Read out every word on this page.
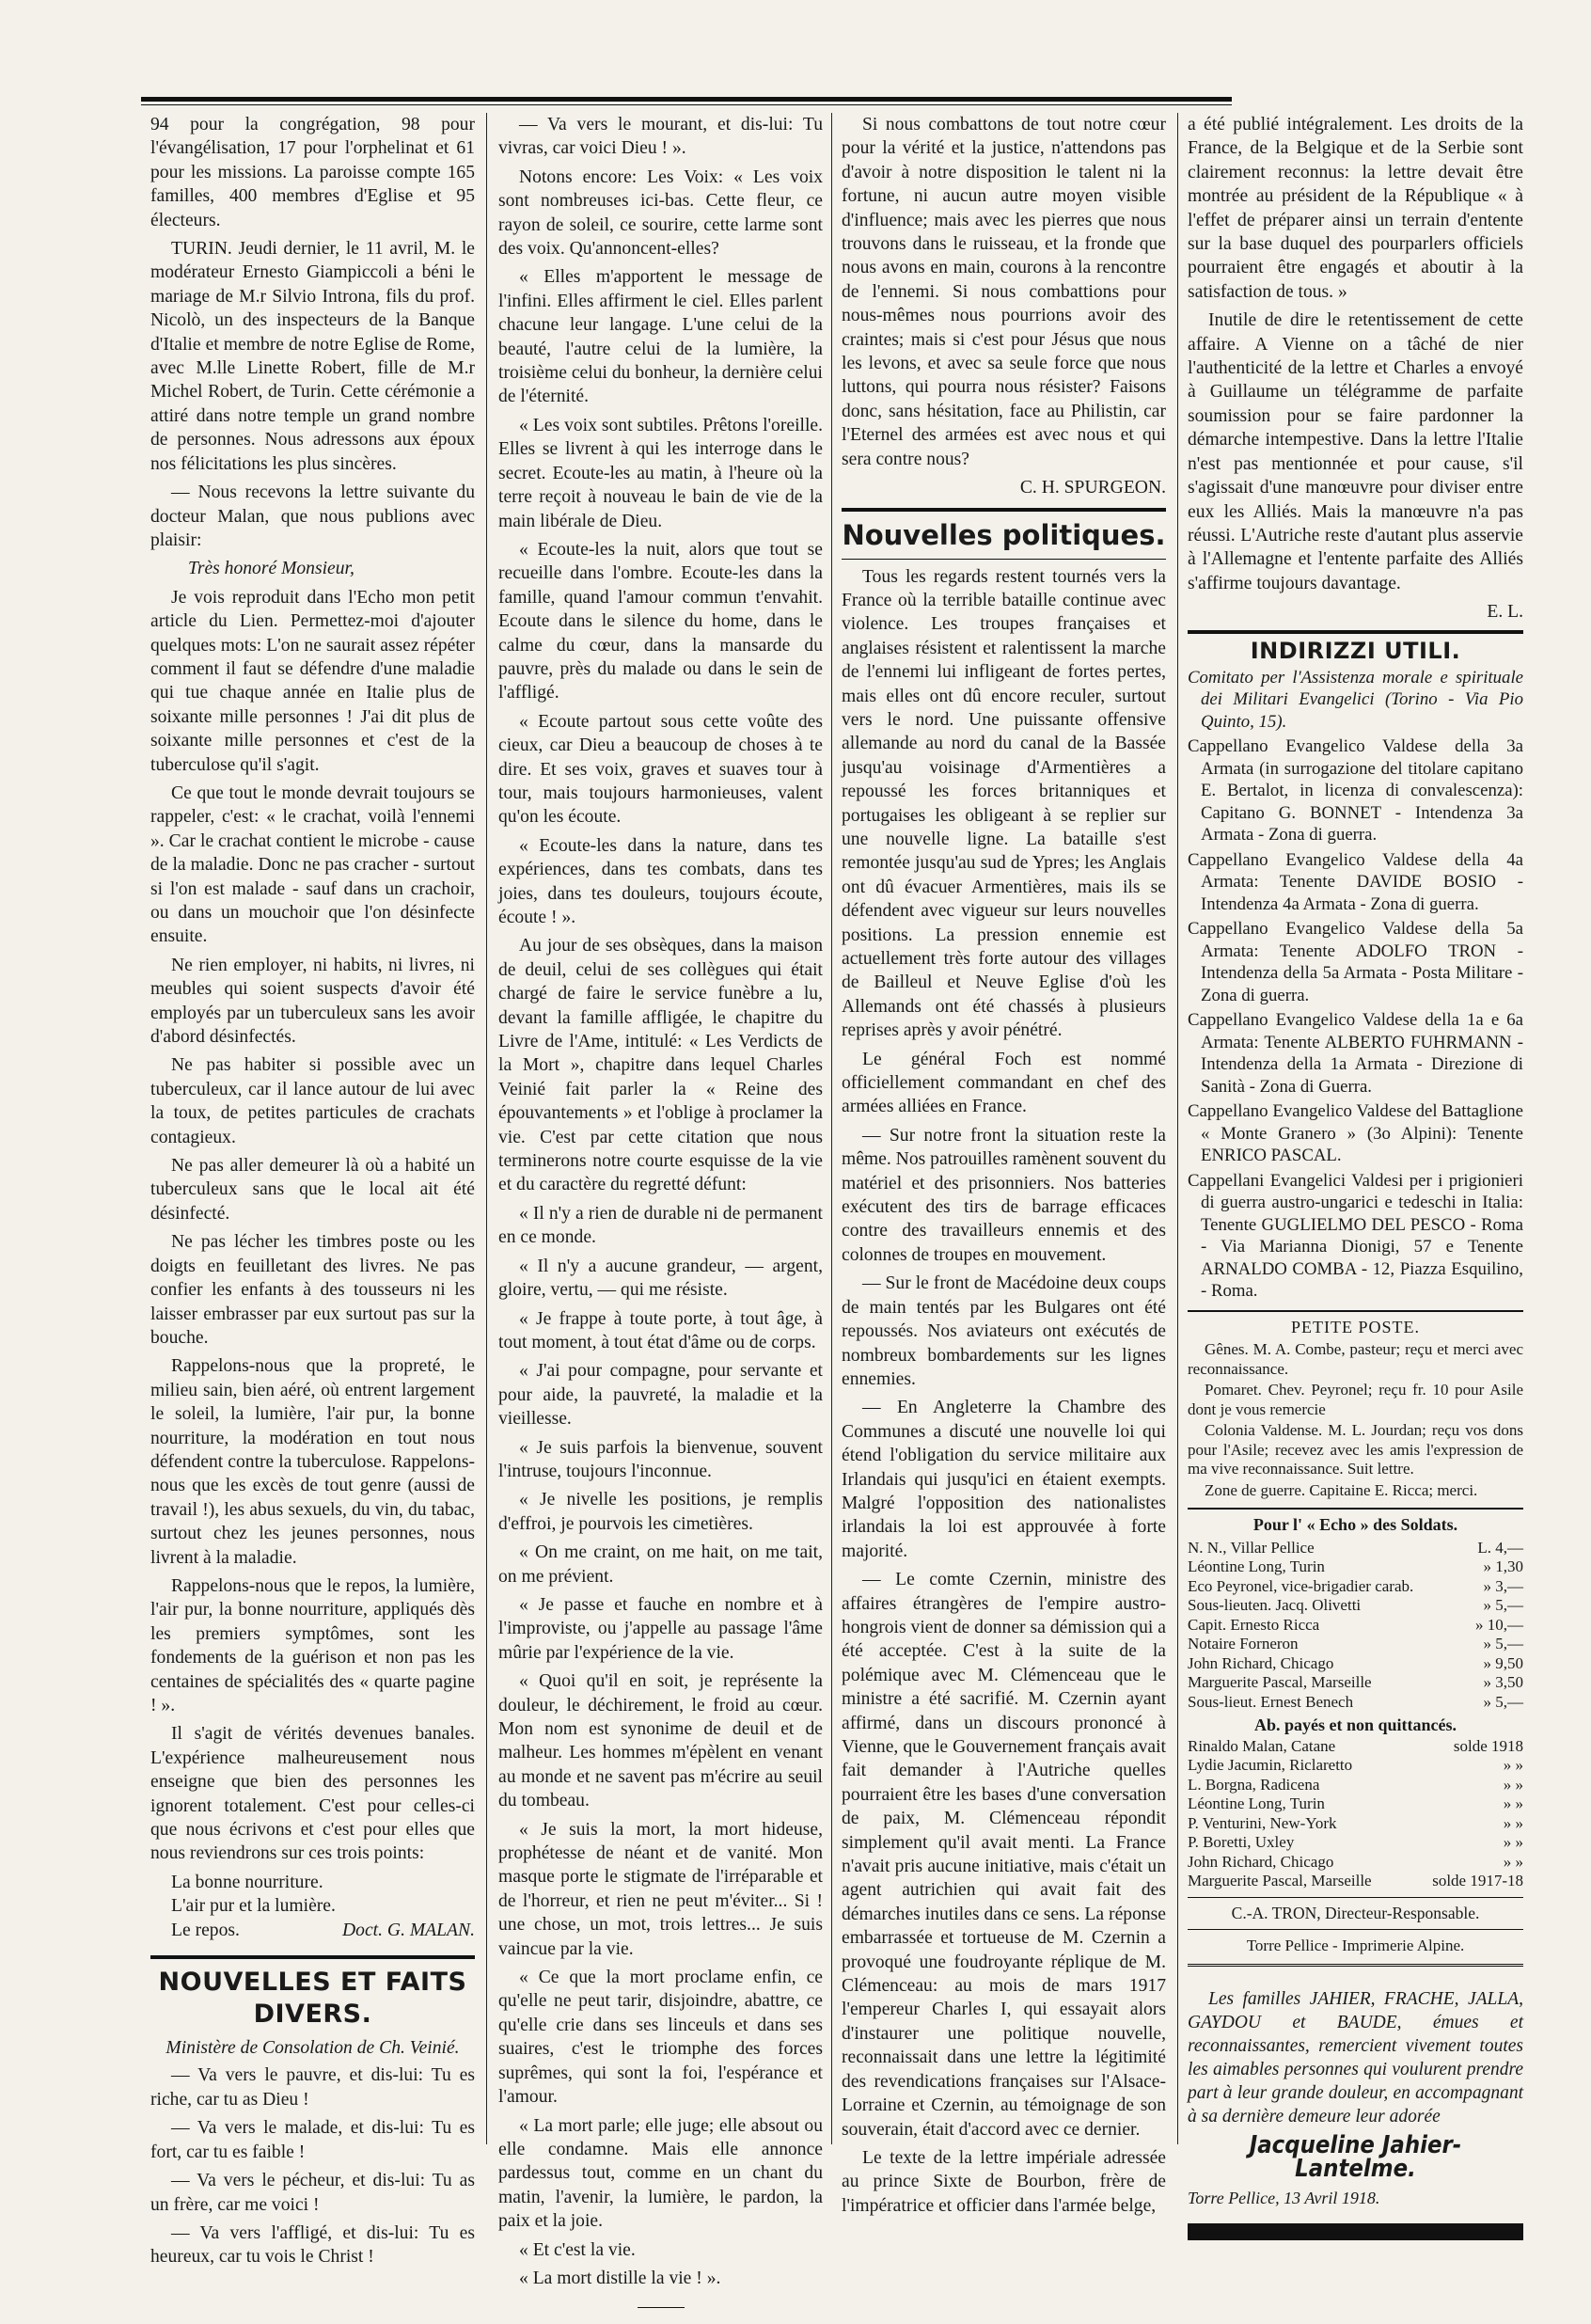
94 pour la congrégation, 98 pour l'évangélisation, 17 pour l'orphelinat et 61 pour les missions. La paroisse compte 165 familles, 400 membres d'Eglise et 95 électeurs.

TURIN. Jeudi dernier, le 11 avril, M. le modérateur Ernesto Giampiccoli a béni le mariage de M.r Silvio Introna, fils du prof. Nicolò, un des inspecteurs de la Banque d'Italie et membre de notre Eglise de Rome, avec M.lle Linette Robert, fille de M.r Michel Robert, de Turin. Cette cérémonie a attiré dans notre temple un grand nombre de personnes. Nous adressons aux époux nos félicitations les plus sincères.

— Nous recevons la lettre suivante du docteur Malan, que nous publions avec plaisir:

Très honoré Monsieur,

Je vois reproduit dans l'Echo mon petit article du Lien. Permettez-moi d'ajouter quelques mots: L'on ne saurait assez répéter comment il faut se défendre d'une maladie qui tue chaque année en Italie plus de soixante mille personnes ! J'ai dit plus de soixante mille personnes et c'est de la tuberculose qu'il s'agit.

Ce que tout le monde devrait toujours se rappeler, c'est: « le crachat, voilà l'ennemi ». Car le crachat contient le microbe - cause de la maladie. Donc ne pas cracher - surtout si l'on est malade - sauf dans un crachoir, ou dans un mouchoir que l'on désinfecte ensuite.

Ne rien employer, ni habits, ni livres, ni meubles qui soient suspects d'avoir été employés par un tuberculeux sans les avoir d'abord désinfectés.

Ne pas habiter si possible avec un tuberculeux, car il lance autour de lui avec la toux, de petites particules de crachats contagieux.

Ne pas aller demeurer là où a habité un tuberculeux sans que le local ait été désinfecté.

Ne pas lécher les timbres poste ou les doigts en feuilletant des livres. Ne pas confier les enfants à des tousseurs ni les laisser embrasser par eux surtout pas sur la bouche.

Rappelons-nous que la propreté, le milieu sain, bien aéré, où entrent largement le soleil, la lumière, l'air pur, la bonne nourriture, la modération en tout nous défendent contre la tuberculose. Rappelons-nous que les excès de tout genre (aussi de travail !), les abus sexuels, du vin, du tabac, surtout chez les jeunes personnes, nous livrent à la maladie.

Rappelons-nous que le repos, la lumière, l'air pur, la bonne nourriture, appliqués dès les premiers symptômes, sont les fondements de la guérison et non pas les centaines de spécialités des « quarte pagine ! ».

Il s'agit de vérités devenues banales. L'expérience malheureusement nous enseigne que bien des personnes les ignorent totalement. C'est pour celles-ci que nous écrivons et c'est pour elles que nous reviendrons sur ces trois points:

La bonne nourriture.

L'air pur et la lumière.

Le repos.	Doct. G. MALAN.

NOUVELLES ET FAITS DIVERS.
Ministère de Consolation de Ch. Veinié.

— Va vers le pauvre, et dis-lui: Tu es riche, car tu as Dieu !

— Va vers le malade, et dis-lui: Tu es fort, car tu es faible !

— Va vers le pécheur, et dis-lui: Tu as un frère, car me voici !

— Va vers l'affligé, et dis-lui: Tu es heureux, car tu vois le Christ !

— Va vers le mourant, et dis-lui: Tu vivras, car voici Dieu ! ».

Notons encore: Les Voix: « Les voix sont nombreuses ici-bas. Cette fleur, ce rayon de soleil, ce sourire, cette larme sont des voix. Qu'annoncent-elles?

« Elles m'apportent le message de l'infini. Elles affirment le ciel. Elles parlent chacune leur langage. L'une celui de la beauté, l'autre celui de la lumière, la troisième celui du bonheur, la dernière celui de l'éternité.

« Les voix sont subtiles. Prêtons l'oreille. Elles se livrent à qui les interroge dans le secret. Ecoute-les au matin, à l'heure où la terre reçoit à nouveau le bain de vie de la main libérale de Dieu.

« Ecoute-les la nuit, alors que tout se recueille dans l'ombre. Ecoute-les dans la famille, quand l'amour commun t'envahit. Ecoute dans le silence du home, dans le calme du cœur, dans la mansarde du pauvre, près du malade ou dans le sein de l'affligé.

« Ecoute partout sous cette voûte des cieux, car Dieu a beaucoup de choses à te dire. Et ses voix, graves et suaves tour à tour, mais toujours harmonieuses, valent qu'on les écoute.

« Ecoute-les dans la nature, dans tes expériences, dans tes combats, dans tes joies, dans tes douleurs, toujours écoute, écoute ! ».

Au jour de ses obsèques, dans la maison de deuil, celui de ses collègues qui était chargé de faire le service funèbre a lu, devant la famille affligée, le chapitre du Livre de l'Ame, intitulé: « Les Verdicts de la Mort », chapitre dans lequel Charles Veinié fait parler la « Reine des épouvantements » et l'oblige à proclamer la vie. C'est par cette citation que nous terminerons notre courte esquisse de la vie et du caractère du regretté défunt:

« Il n'y a rien de durable ni de permanent en ce monde.

« Il n'y a aucune grandeur, — argent, gloire, vertu, — qui me résiste.

« Je frappe à toute porte, à tout âge, à tout moment, à tout état d'âme ou de corps.

« J'ai pour compagne, pour servante et pour aide, la pauvreté, la maladie et la vieillesse.

« Je suis parfois la bienvenue, souvent l'intruse, toujours l'inconnue.

« Je nivelle les positions, je remplis d'effroi, je pourvois les cimetières.

« On me craint, on me hait, on me tait, on me prévient.

« Je passe et fauche en nombre et à l'improviste, ou j'appelle au passage l'âme mûrie par l'expérience de la vie.

« Quoi qu'il en soit, je représente la douleur, le déchirement, le froid au cœur. Mon nom est synonime de deuil et de malheur. Les hommes m'épèlent en venant au monde et ne savent pas m'écrire au seuil du tombeau.

« Je suis la mort, la mort hideuse, prophétesse de néant et de vanité. Mon masque porte le stigmate de l'irréparable et de l'horreur, et rien ne peut m'éviter... Si ! une chose, un mot, trois lettres... Je suis vaincue par la vie.

« Ce que la mort proclame enfin, ce qu'elle ne peut tarir, disjoindre, abattre, ce qu'elle crie dans ses linceuls et dans ses suaires, c'est le triomphe des forces suprêmes, qui sont la foi, l'espérance et l'amour.

« La mort parle; elle juge; elle absout ou elle condamne. Mais elle annonce pardessus tout, comme en un chant du matin, l'avenir, la lumière, le pardon, la paix et la joie.

« Et c'est la vie.

« La mort distille la vie ! ».

Si nous combattons de tout notre cœur pour la vérité et la justice, n'attendons pas d'avoir à notre disposition le talent ni la fortune, ni aucun autre moyen visible d'influence; mais avec les pierres que nous trouvons dans le ruisseau, et la fronde que nous avons en main, courons à la rencontre de l'ennemi. Si nous combattions pour nous-mêmes nous pourrions avoir des craintes; mais si c'est pour Jésus que nous les levons, et avec sa seule force que nous luttons, qui pourra nous résister? Faisons donc, sans hésitation, face au Philistin, car l'Eternel des armées est avec nous et qui sera contre nous?

C. H. SPURGEON.

Nouvelles politiques.

Tous les regards restent tournés vers la France où la terrible bataille continue avec violence. Les troupes françaises et anglaises résistent et ralentissent la marche de l'ennemi lui infligeant de fortes pertes, mais elles ont dû encore reculer, surtout vers le nord. Une puissante offensive allemande au nord du canal de la Bassée jusqu'au voisinage d'Armentières a repoussé les forces britanniques et portugaises les obligeant à se replier sur une nouvelle ligne. La bataille s'est remontée jusqu'au sud de Ypres; les Anglais ont dû évacuer Armentières, mais ils se défendent avec vigueur sur leurs nouvelles positions. La pression ennemie est actuellement très forte autour des villages de Bailleul et Neuve Eglise d'où les Allemands ont été chassés à plusieurs reprises après y avoir pénétré.

Le général Foch est nommé officiellement commandant en chef des armées alliées en France.

— Sur notre front la situation reste la même. Nos patrouilles ramènent souvent du matériel et des prisonniers. Nos batteries exécutent des tirs de barrage efficaces contre des travailleurs ennemis et des colonnes de troupes en mouvement.

— Sur le front de Macédoine deux coups de main tentés par les Bulgares ont été repoussés. Nos aviateurs ont exécutés de nombreux bombardements sur les lignes ennemies.

— En Angleterre la Chambre des Communes a discuté une nouvelle loi qui étend l'obligation du service militaire aux Irlandais qui jusqu'ici en étaient exempts. Malgré l'opposition des nationalistes irlandais la loi est approuvée à forte majorité.

— Le comte Czernin, ministre des affaires étrangères de l'empire austro-hongrois vient de donner sa démission qui a été acceptée. C'est à la suite de la polémique avec M. Clémenceau que le ministre a été sacrifié. M. Czernin ayant affirmé, dans un discours prononcé à Vienne, que le Gouvernement français avait fait demander à l'Autriche quelles pourraient être les bases d'une conversation de paix, M. Clémenceau répondit simplement qu'il avait menti. La France n'avait pris aucune initiative, mais c'était un agent autrichien qui avait fait des démarches inutiles dans ce sens. La réponse embarrassée et tortueuse de M. Czernin a provoqué une foudroyante réplique de M. Clémenceau: au mois de mars 1917 l'empereur Charles I, qui essayait alors d'instaurer une politique nouvelle, reconnaissait dans une lettre la légitimité des revendications françaises sur l'Alsace-Lorraine et Czernin, au témoignage de son souverain, était d'accord avec ce dernier.

Le texte de la lettre impériale adressée au prince Sixte de Bourbon, frère de l'impératrice et officier dans l'armée belge,

a été publié intégralement. Les droits de la France, de la Belgique et de la Serbie sont clairement reconnus: la lettre devait être montrée au président de la République « à l'effet de préparer ainsi un terrain d'entente sur la base duquel des pourparlers officiels pourraient être engagés et aboutir à la satisfaction de tous. »

Inutile de dire le retentissement de cette affaire. A Vienne on a tâché de nier l'authenticité de la lettre et Charles a envoyé à Guillaume un télégramme de parfaite soumission pour se faire pardonner la démarche intempestive. Dans la lettre l'Italie n'est pas mentionnée et pour cause, s'il s'agissait d'une manœuvre pour diviser entre eux les Alliés. Mais la manœuvre n'a pas réussi. L'Autriche reste d'autant plus asservie à l'Allemagne et l'entente parfaite des Alliés s'affirme toujours davantage.

E. L.

INDIRIZZI UTILI.

Comitato per l'Assistenza morale e spirituale dei Militari Evangelici (Torino - Via Pio Quinto, 15).

Cappellano Evangelico Valdese della 3a Armata (in surrogazione del titolare capitano E. Bertalot, in licenza di convalescenza): Capitano G. BONNET - Intendenza 3a Armata - Zona di guerra.

Cappellano Evangelico Valdese della 4a Armata: Tenente DAVIDE BOSIO - Intendenza 4a Armata - Zona di guerra.

Cappellano Evangelico Valdese della 5a Armata: Tenente ADOLFO TRON - Intendenza della 5a Armata - Posta Militare - Zona di guerra.

Cappellano Evangelico Valdese della 1a e 6a Armata: Tenente ALBERTO FUHRMANN - Intendenza della 1a Armata - Direzione di Sanità - Zona di Guerra.

Cappellano Evangelico Valdese del Battaglione « Monte Granero » (3o Alpini): Tenente ENRICO PASCAL.

Cappellani Evangelici Valdesi per i prigionieri di guerra austro-ungarici e tedeschi in Italia: Tenente GUGLIELMO DEL PESCO - Roma - Via Marianna Dionigi, 57 e Tenente ARNALDO COMBA - 12, Piazza Esquilino, - Roma.

PETITE POSTE.

Gênes. M. A. Combe, pasteur; reçu et merci avec reconnaissance.

Pomaret. Chev. Peyronel; reçu fr. 10 pour Asile dont je vous remercie

Colonia Valdense. M. L. Jourdan; reçu vos dons pour l'Asile; recevez avec les amis l'expression de ma vive reconnaissance. Suit lettre.

Zone de guerre. Capitaine E. Ricca; merci.

Pour l' « Echo » des Soldats.
N. N., Villar Pellice	L. 4,—
Léontine Long, Turin	» 1,30
Eco Peyronel, vice-brigadier carab.	» 3,—
Sous-lieuten. Jacq. Olivetti	» 5,—
Capit. Ernesto Ricca	» 10,—
Notaire Forneron	» 5,—
John Richard, Chicago	» 9,50
Marguerite Pascal, Marseille	» 3,50
Sous-lieut. Ernest Benech	» 5,—
Ab. payés et non quittancés.
Rinaldo Malan, Catane	solde 1918
Lydie Jacumin, Riclaretto	» »
L. Borgna, Radicena	» »
Léontine Long, Turin	» »
P. Venturini, New-York	» »
P. Boretti, Uxley	» »
John Richard, Chicago	» »
Marguerite Pascal, Marseille	solde 1917-18
C.-A. TRON, Directeur-Responsable.
Torre Pellice - Imprimerie Alpine.

Les familles JAHIER, FRACHE, JALLA, GAYDOU et BAUDE, émues et reconnaissantes, remercient vivement toutes les aimables personnes qui voulurent prendre part à leur grande douleur, en accompagnant à sa dernière demeure leur adorée

Jacqueline Jahier-Lantelme.
Torre Pellice, 13 Avril 1918.
